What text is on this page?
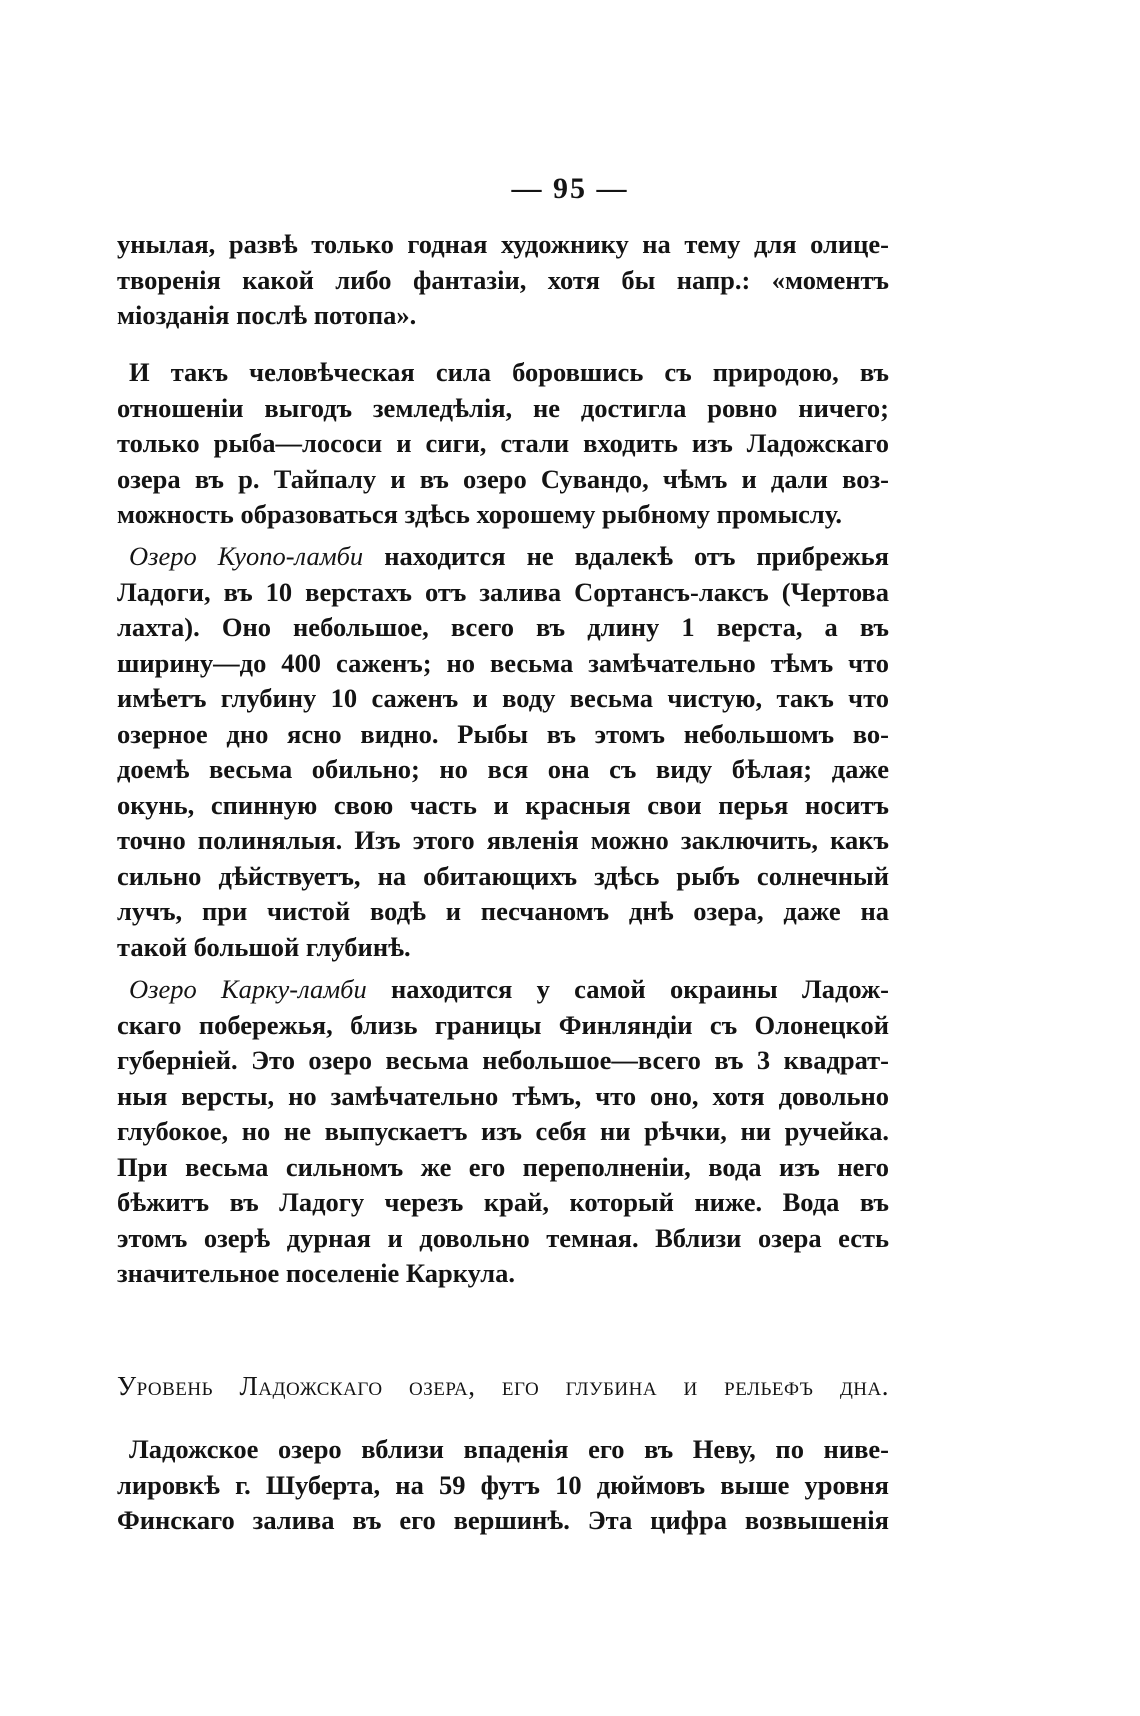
— 95 —
унылая, развѣ только годная художнику на тему для олице-
творенія какой либо фантазіи, хотя бы напр.: «моментъ
міозданія послѣ потопа».
И такъ человѣческая сила боровшись съ природою, въ
отношеніи выгодъ земледѣлія, не достигла ровно ничего;
только рыба—лососи и сиги, стали входить изъ Ладожскаго
озера въ р. Тайпалу и въ озеро Сувандо, чѣмъ и дали воз-
можность образоваться здѣсь хорошему рыбному промыслу.
Озеро Куопо-ламби находится не вдалекѣ отъ прибрежья
Ладоги, въ 10 верстахъ отъ залива Сортансъ-лаксъ (Чертова
лахта). Оно небольшое, всего въ длину 1 верста, а въ
ширину—до 400 саженъ; но весьма замѣчательно тѣмъ что
имѣетъ глубину 10 саженъ и воду весьма чистую, такъ что
озерное дно ясно видно. Рыбы въ этомъ небольшомъ во-
доемѣ весьма обильно; но вся она съ виду бѣлая; даже
окунь, спинную свою часть и красныя свои перья носитъ
точно полинялыя. Изъ этого явленія можно заключить, какъ
сильно дѣйствуетъ, на обитающихъ здѣсь рыбъ солнечный
лучъ, при чистой водѣ и песчаномъ днѣ озера, даже на
такой большой глубинѣ.
Озеро Карку-ламби находится у самой окраины Ладож-
скаго побережья, близь границы Финляндіи съ Олонецкой
губерніей. Это озеро весьма небольшое—всего въ 3 квадрат-
ныя версты, но замѣчательно тѣмъ, что оно, хотя довольно
глубокое, но не выпускаетъ изъ себя ни рѣчки, ни ручейка.
При весьма сильномъ же его переполненіи, вода изъ него
бѣжитъ въ Ладогу черезъ край, который ниже. Вода въ
этомъ озерѣ дурная и довольно темная. Вблизи озера есть
значительное поселеніе Каркула.
Уровень Ладожскаго озера, его глубина и рельефъ дна.
Ладожское озеро вблизи впаденія его въ Неву, по ниве-
лировкѣ г. Шуберта, на 59 футъ 10 дюймовъ выше уровня
Финскаго залива въ его вершинѣ. Эта цифра возвышенія
